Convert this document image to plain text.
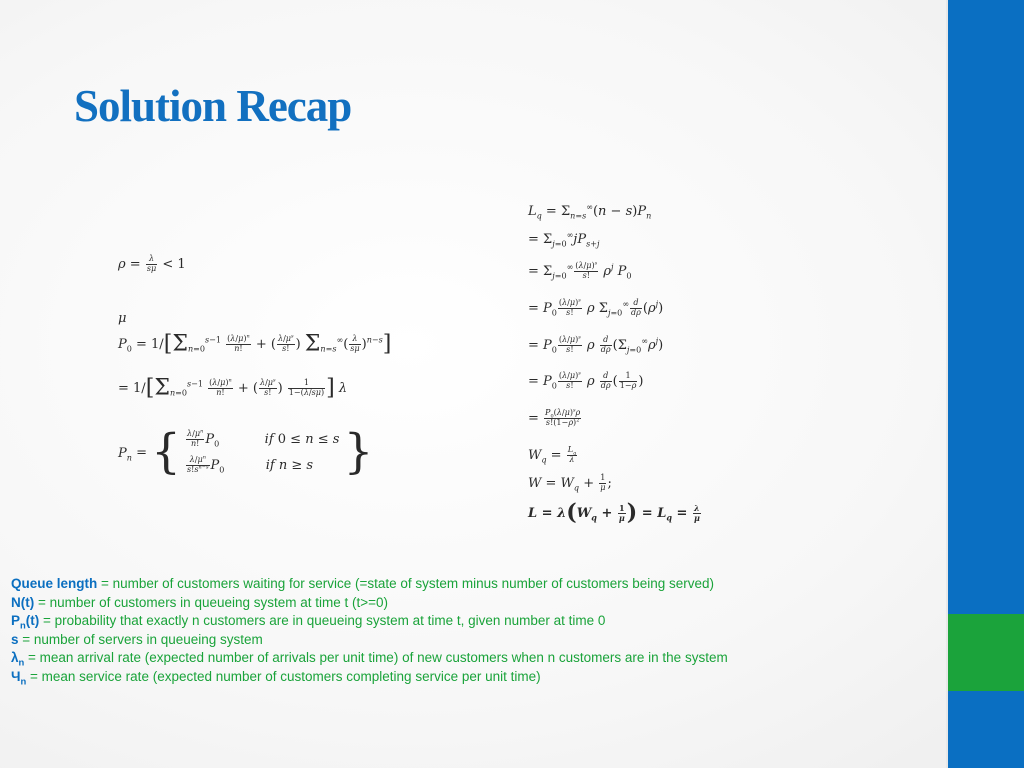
Solution Recap
$\rho = \frac{\lambda}{s\mu} < 1$
μ
$P_0 = 1/[\Sigma_{n=0}^{s-1} \frac{(\lambda/\mu)^n}{n!}$ + ( $\frac{\lambda/\mu^s}{s!}$ ) $\Sigma_{n=s}^\infty( \frac{\lambda}{s\mu} )^{n-s}$]
= $1/[\Sigma_{n=0}^{s-1} \frac{(\lambda/\mu)^n}{n!}$ + ( $\frac{\lambda/\mu^s}{s!}$ ) $\frac{1}{1-(\lambda/s\mu)}$ ] λ
$P_n$ = { $\frac{\lambda/\mu^n}{n!} P_0$	if 0 ≤ n ≤ s
$\frac{\lambda/\mu^n}{s!s^{n-s}} P_0$	if n ≥ s }
$L_q = \Sigma_{n=s}^\infty(n - s)P_n$
= $\Sigma_{j=0}^\infty jP_{s+j}$
= $\Sigma_{j=0}^\infty \frac{(\lambda/\mu)^s}{s!} \rho^j$ $P_0$
= $P_0 \frac{(\lambda/\mu)^s}{s!}$ ρ $\Sigma_{j=0}^\infty \frac{d}{d\rho} (\rho^j)$
= $P_0 \frac{(\lambda/\mu)^s}{s!}$ ρ $\frac{d}{d\rho} (\Sigma_{j=0}^\infty\rho^j)$
= $P_0 \frac{(\lambda/\mu)^s}{s!}$ ρ $\frac{d}{d\rho}$ ( $\frac{1}{1-\rho}$ )
= $\frac{P_0(\lambda/\mu)^s\rho}{s!(1-\rho)^2}$
$W_q = \frac{L_q}{\lambda}$
$W = W_q + \frac{1}{\mu}$ ;
$L = \lambda(W_q + \frac{1}{\mu}$ ) = $L_q = \frac{\lambda}{\mu}$
Queue length = number of customers waiting for service (=state of system minus number of customers being served)
N(t) = number of customers in queueing system at time t (t>=0)
$P_n(t)$ = probability that exactly n customers are in queueing system at time t, given number at time 0
s = number of servers in queueing system
$\lambda_n$ = mean arrival rate (expected number of arrivals per unit time) of new customers when n customers are in the system
$Ч_n$ = mean service rate (expected number of customers completing service per unit time)
